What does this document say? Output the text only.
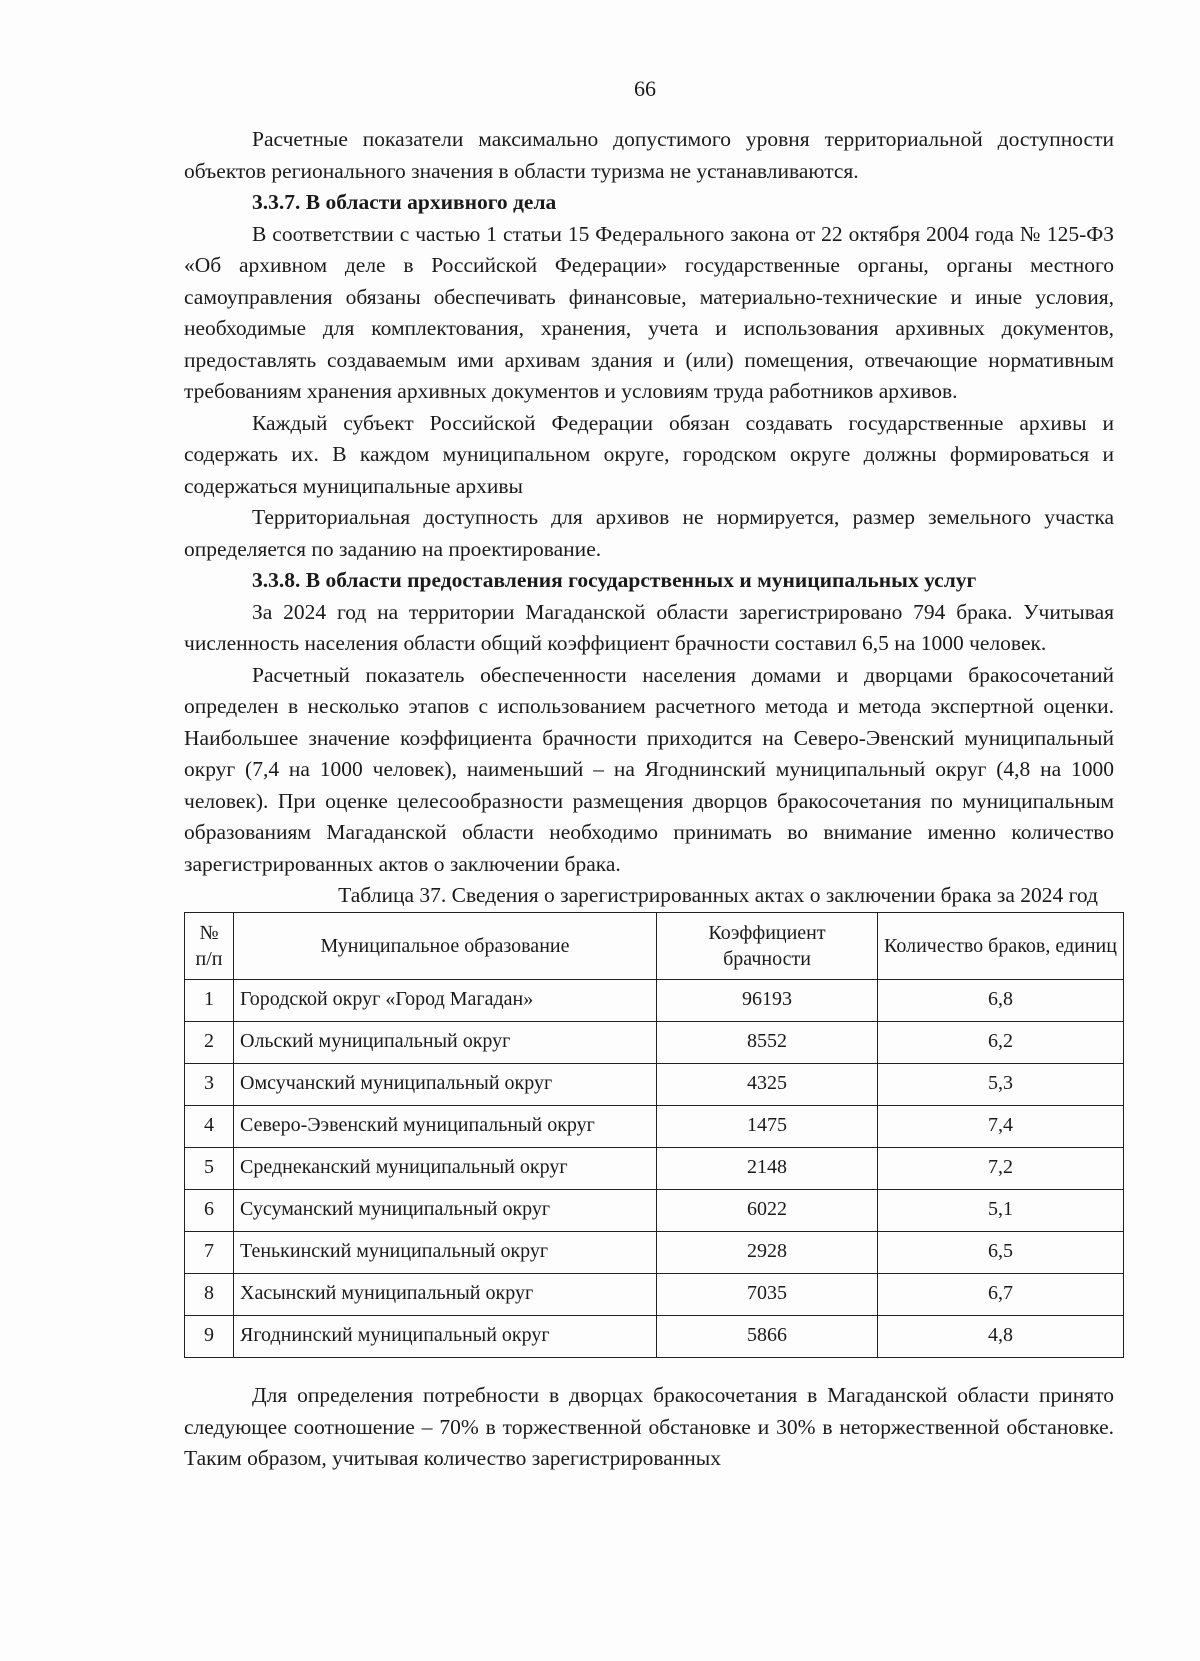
66

Расчетные показатели максимально допустимого уровня территориальной доступности объектов регионального значения в области туризма не устанавливаются.

3.3.7. В области архивного дела

В соответствии с частью 1 статьи 15 Федерального закона от 22 октября 2004 года № 125-ФЗ «Об архивном деле в Российской Федерации» государственные органы, органы местного самоуправления обязаны обеспечивать финансовые, материально-технические и иные условия, необходимые для комплектования, хранения, учета и использования архивных документов, предоставлять создаваемым ими архивам здания и (или) помещения, отвечающие нормативным требованиям хранения архивных документов и условиям труда работников архивов.

Каждый субъект Российской Федерации обязан создавать государственные архивы и содержать их. В каждом муниципальном округе, городском округе должны формироваться и содержаться муниципальные архивы

Территориальная доступность для архивов не нормируется, размер земельного участка определяется по заданию на проектирование.

3.3.8. В области предоставления государственных и муниципальных услуг

За 2024 год на территории Магаданской области зарегистрировано 794 брака. Учитывая численность населения области общий коэффициент брачности составил 6,5 на 1000 человек.

Расчетный показатель обеспеченности населения домами и дворцами бракосочетаний определен в несколько этапов с использованием расчетного метода и метода экспертной оценки. Наибольшее значение коэффициента брачности приходится на Северо-Эвенский муниципальный округ (7,4 на 1000 человек), наименьший – на Ягоднинский муниципальный округ (4,8 на 1000 человек). При оценке целесообразности размещения дворцов бракосочетания по муниципальным образованиям Магаданской области необходимо принимать во внимание именно количество зарегистрированных актов о заключении брака.

Таблица 37. Сведения о зарегистрированных актах о заключении брака за 2024 год
№ п/п	Муниципальное образование	Коэффициент брачности	Количество браков, единиц
1	Городской округ «Город Магадан»	96193	6,8
2	Ольский муниципальный округ	8552	6,2
3	Омсучанский муниципальный округ	4325	5,3
4	Северо-Ээвенский муниципальный округ	1475	7,4
5	Среднеканский муниципальный округ	2148	7,2
6	Сусуманский муниципальный округ	6022	5,1
7	Тенькинский муниципальный округ	2928	6,5
8	Хасынский муниципальный округ	7035	6,7
9	Ягоднинский муниципальный округ	5866	4,8

Для определения потребности в дворцах бракосочетания в Магаданской области принято следующее соотношение – 70% в торжественной обстановке и 30% в неторжественной обстановке. Таким образом, учитывая количество зарегистрированных
